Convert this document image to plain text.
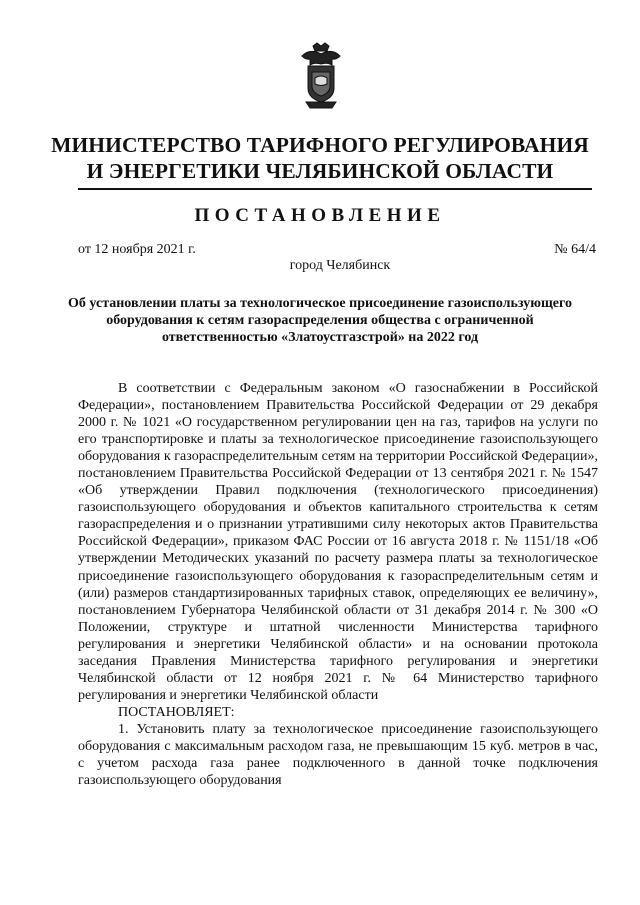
МИНИСТЕРСТВО ТАРИФНОГО РЕГУЛИРОВАНИЯ
И ЭНЕРГЕТИКИ ЧЕЛЯБИНСКОЙ ОБЛАСТИ
ПОСТАНОВЛЕНИЕ
от 12 ноября 2021 г.	№ 64/4
город Челябинск
Об установлении платы за технологическое присоединение газоиспользующего оборудования к сетям газораспределения общества с ограниченной ответственностью «Златоустгазстрой» на 2022 год

В соответствии с Федеральным законом «О газоснабжении в Российской Федерации», постановлением Правительства Российской Федерации от 29 декабря 2000 г. № 1021 «О государственном регулировании цен на газ, тарифов на услуги по его транспортировке и платы за технологическое присоединение газоиспользующего оборудования к газораспределительным сетям на территории Российской Федерации», постановлением Правительства Российской Федерации от 13 сентября 2021 г. № 1547 «Об утверждении Правил подключения (технологического присоединения) газоиспользующего оборудования и объектов капитального строительства к сетям газораспределения и о признании утратившими силу некоторых актов Правительства Российской Федерации», приказом ФАС России от 16 августа 2018 г. № 1151/18 «Об утверждении Методических указаний по расчету размера платы за технологическое присоединение газоиспользующего оборудования к газораспределительным сетям и (или) размеров стандартизированных тарифных ставок, определяющих ее величину», постановлением Губернатора Челябинской области от 31 декабря 2014 г. № 300 «О Положении, структуре и штатной численности Министерства тарифного регулирования и энергетики Челябинской области» и на основании протокола заседания Правления Министерства тарифного регулирования и энергетики Челябинской области от 12 ноября 2021 г. № 64 Министерство тарифного регулирования и энергетики Челябинской области

ПОСТАНОВЛЯЕТ:

1. Установить плату за технологическое присоединение газоиспользующего оборудования с максимальным расходом газа, не превышающим 15 куб. метров в час, с учетом расхода газа ранее подключенного в данной точке подключения газоиспользующего оборудования
